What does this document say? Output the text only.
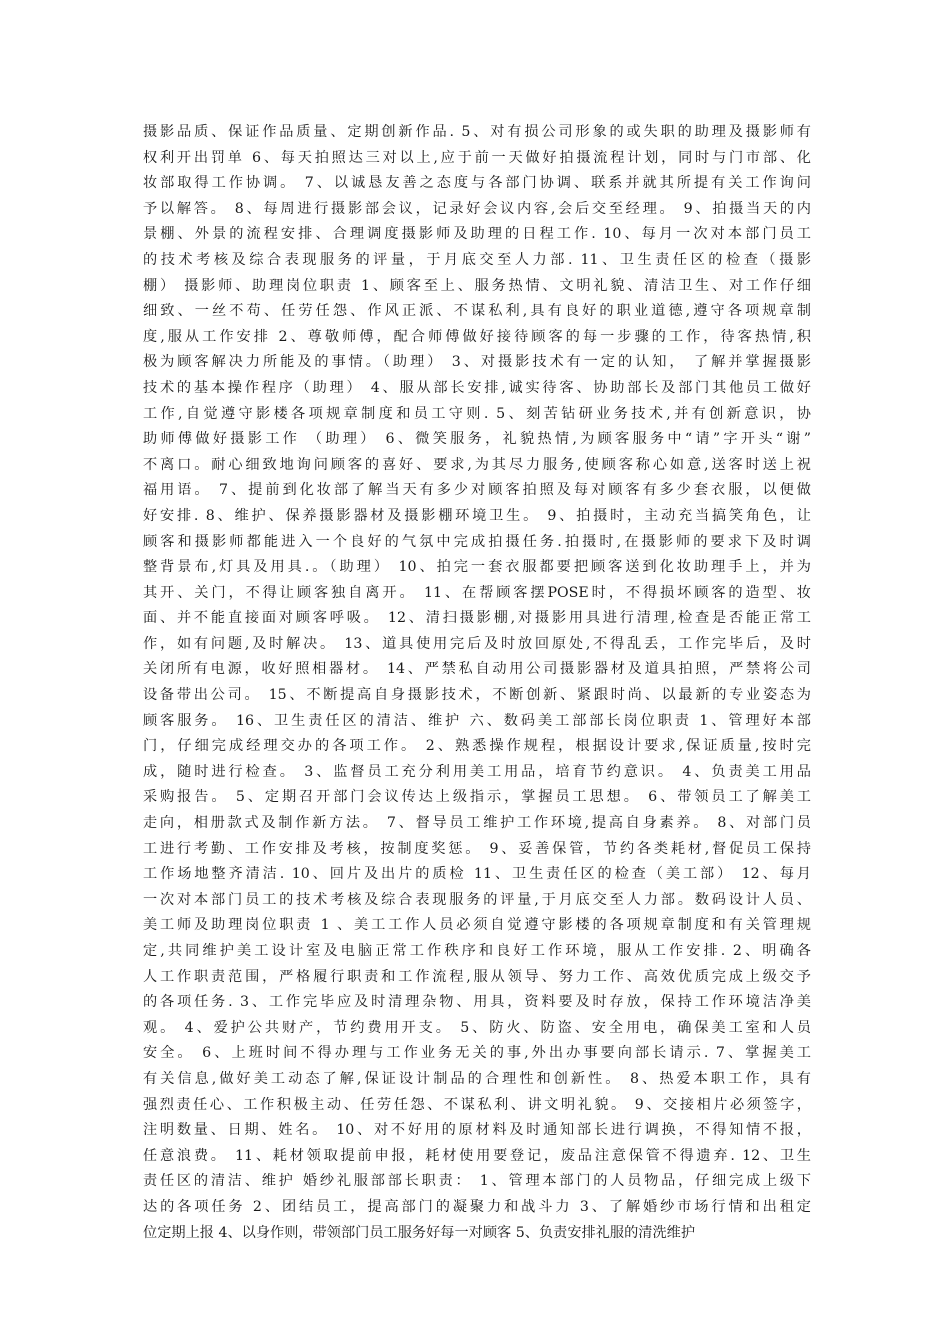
摄影品质、保证作品质量、定期创新作品. 5、对有损公司形象的或失职的助理及摄影师有
权利开出罚单 6、每天拍照达三对以上,应于前一天做好拍摄流程计划，同时与门市部、化
妆部取得工作协调。 7、以诚恳友善之态度与各部门协调、联系并就其所提有关工作询问
予以解答。 8、每周进行摄影部会议，记录好会议内容,会后交至经理。 9、拍摄当天的内
景棚、外景的流程安排、合理调度摄影师及助理的日程工作. 10、每月一次对本部门员工
的技术考核及综合表现服务的评量，于月底交至人力部. 11、卫生责任区的检查（摄影
棚） 摄影师、助理岗位职责 1、顾客至上、服务热情、文明礼貌、清洁卫生、对工作仔细
细致、一丝不苟、任劳任怨、作风正派、不谋私利,具有良好的职业道德,遵守各项规章制
度,服从工作安排 2、尊敬师傅，配合师傅做好接待顾客的每一步骤的工作，待客热情,积
极为顾客解决力所能及的事情。（助理） 3、对摄影技术有一定的认知， 了解并掌握摄影
技术的基本操作程序（助理） 4、服从部长安排,诚实待客、协助部长及部门其他员工做好
工作,自觉遵守影楼各项规章制度和员工守则. 5、刻苦钻研业务技术,并有创新意识，协
助师傅做好摄影工作 （助理） 6、微笑服务，礼貌热情,为顾客服务中“请”字开头“谢”
不离口。耐心细致地询问顾客的喜好、要求,为其尽力服务,使顾客称心如意,送客时送上祝
福用语。 7、提前到化妆部了解当天有多少对顾客拍照及每对顾客有多少套衣服，以便做
好安排. 8、维护、保养摄影器材及摄影棚环境卫生。 9、拍摄时，主动充当搞笑角色，让
顾客和摄影师都能进入一个良好的气氛中完成拍摄任务.拍摄时,在摄影师的要求下及时调
整背景布,灯具及用具.。（助理） 10、拍完一套衣服都要把顾客送到化妆助理手上，并为
其开、关门，不得让顾客独自离开。 11、在帮顾客摆POSE时，不得损坏顾客的造型、妆
面、并不能直接面对顾客呼吸。 12、清扫摄影棚,对摄影用具进行清理,检查是否能正常工
作，如有问题,及时解决。 13、道具使用完后及时放回原处,不得乱丢，工作完毕后，及时
关闭所有电源，收好照相器材。 14、严禁私自动用公司摄影器材及道具拍照，严禁将公司
设备带出公司。 15、不断提高自身摄影技术，不断创新、紧跟时尚、以最新的专业姿态为
顾客服务。 16、卫生责任区的清洁、维护 六、数码美工部部长岗位职责 1、管理好本部
门，仔细完成经理交办的各项工作。 2、熟悉操作规程，根据设计要求,保证质量,按时完
成，随时进行检查。 3、监督员工充分利用美工用品，培育节约意识。 4、负责美工用品
采购报告。 5、定期召开部门会议传达上级指示，掌握员工思想。 6、带领员工了解美工
走向，相册款式及制作新方法。 7、督导员工维护工作环境,提高自身素养。 8、对部门员
工进行考勤、工作安排及考核，按制度奖惩。 9、妥善保管，节约各类耗材,督促员工保持
工作场地整齐清洁. 10、回片及出片的质检 11、卫生责任区的检查（美工部） 12、每月
一次对本部门员工的技术考核及综合表现服务的评量,于月底交至人力部。数码设计人员、
美工师及助理岗位职责 1 、美工工作人员必须自觉遵守影楼的各项规章制度和有关管理规
定,共同维护美工设计室及电脑正常工作秩序和良好工作环境，服从工作安排. 2、明确各
人工作职责范围，严格履行职责和工作流程,服从领导、努力工作、高效优质完成上级交予
的各项任务. 3、工作完毕应及时清理杂物、用具，资料要及时存放，保持工作环境洁净美
观。 4、爱护公共财产，节约费用开支。 5、防火、防盗、安全用电，确保美工室和人员
安全。 6、上班时间不得办理与工作业务无关的事,外出办事要向部长请示. 7、掌握美工
有关信息,做好美工动态了解,保证设计制品的合理性和创新性。 8、热爱本职工作，具有
强烈责任心、工作积极主动、任劳任怨、不谋私利、讲文明礼貌。 9、交接相片必须签字，
注明数量、日期、姓名。 10、对不好用的原材料及时通知部长进行调换，不得知情不报，
任意浪费。 11、耗材领取提前申报，耗材使用要登记，废品注意保管不得遗弃. 12、卫生
责任区的清洁、维护 婚纱礼服部部长职责： 1、管理本部门的人员物品，仔细完成上级下
达的各项任务 2、团结员工，提高部门的凝聚力和战斗力 3、了解婚纱市场行情和出租定
位定期上报 4、以身作则，带领部门员工服务好每一对顾客 5、负责安排礼服的清洗维护
